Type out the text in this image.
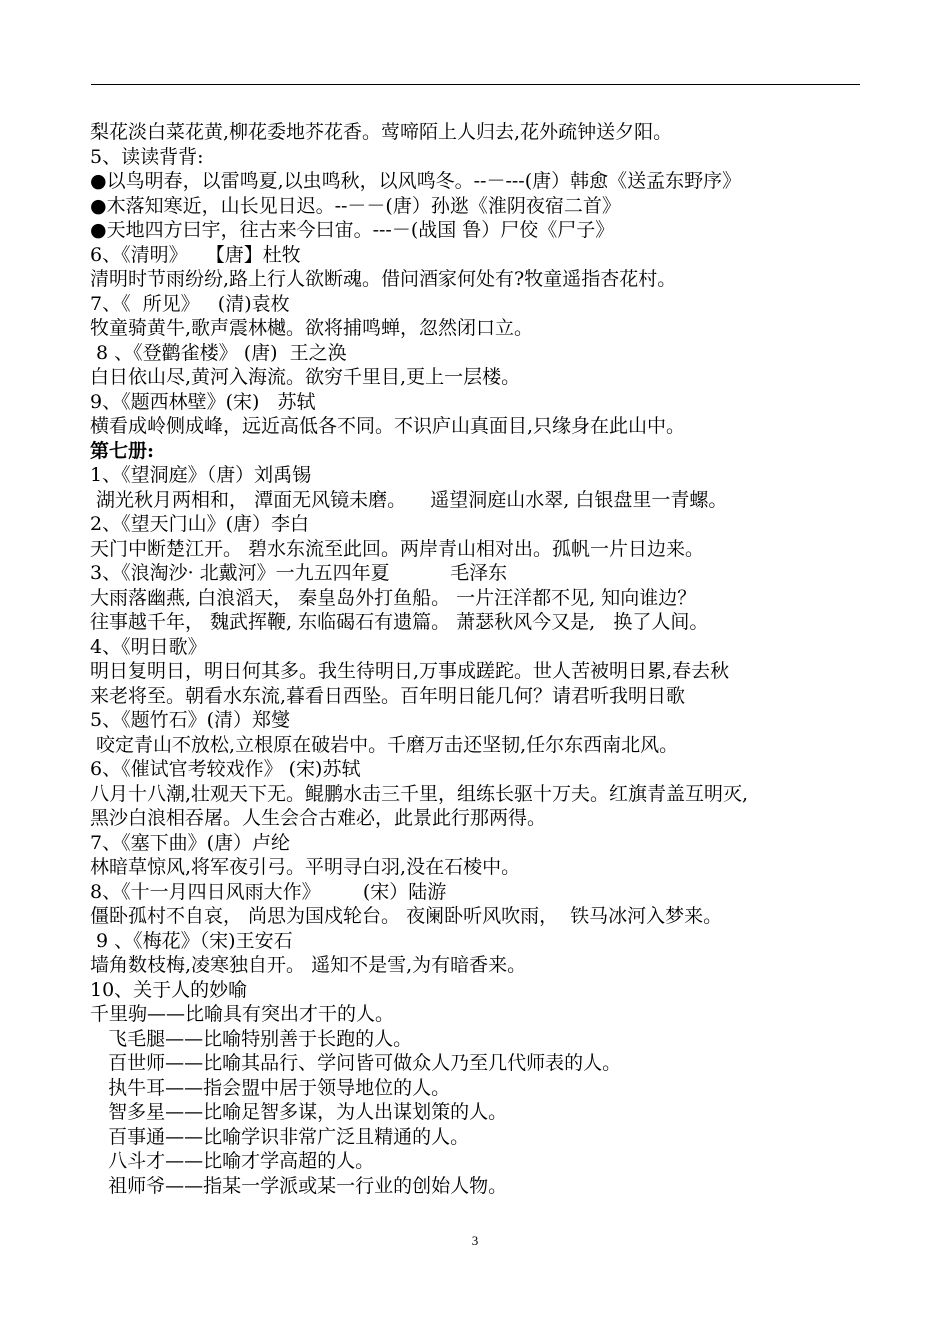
梨花淡白菜花黄,柳花委地芥花香。莺啼陌上人归去,花外疏钟送夕阳。
5、读读背背:
●以鸟明春，以雷鸣夏,以虫鸣秋，以风鸣冬。--－---(唐）韩愈《送孟东野序》
●木落知寒近，山长见日迟。--－－(唐）孙逖《淮阴夜宿二首》
●天地四方曰宇，往古来今曰宙。---－(战国 鲁）尸佼《尸子》
6、《清明》   【唐】杜牧
清明时节雨纷纷,路上行人欲断魂。借问酒家何处有?牧童遥指杏花村。
7、《  所见》   (清)袁枚
牧童骑黄牛,歌声震林樾。欲将捕鸣蝉，忽然闭口立。
8 、《登鹳雀楼》 (唐)  王之涣
白日依山尽,黄河入海流。欲穷千里目,更上一层楼。
9、《题西林壁》(宋)   苏轼
横看成岭侧成峰，远近高低各不同。不识庐山真面目,只缘身在此山中。
第七册:
1、《望洞庭》（唐）刘禹锡
湖光秋月两相和， 潭面无风镜未磨。    遥望洞庭山水翠, 白银盘里一青螺。
2、《望天门山》(唐）李白
天门中断楚江开。 碧水东流至此回。两岸青山相对出。孤帆一片日边来。
3、《浪淘沙· 北戴河》一九五四年夏          毛泽东
大雨落幽燕, 白浪滔天， 秦皇岛外打鱼船。 一片汪洋都不见, 知向谁边？
往事越千年， 魏武挥鞭, 东临碣石有遗篇。 萧瑟秋风今又是,   换了人间。
4、《明日歌》
明日复明日，明日何其多。我生待明日,万事成蹉跎。世人苦被明日累,春去秋
来老将至。朝看水东流,暮看日西坠。百年明日能几何？请君听我明日歌
5、《题竹石》(清）郑燮
咬定青山不放松,立根原在破岩中。千磨万击还坚韧,任尔东西南北风。
6、《催试官考较戏作》 (宋)苏轼
八月十八潮,壮观天下无。鲲鹏水击三千里，组练长驱十万夫。红旗青盖互明灭,
黑沙白浪相吞屠。人生会合古难必，此景此行那两得。
7、《塞下曲》(唐）卢纶
林暗草惊风,将军夜引弓。平明寻白羽,没在石棱中。
8、《十一月四日风雨大作》       (宋）陆游
僵卧孤村不自哀， 尚思为国戍轮台。 夜阑卧听风吹雨，  铁马冰河入梦来。
9 、《梅花》（宋)王安石
墙角数枝梅,凌寒独自开。 遥知不是雪,为有暗香来。
10、关于人的妙喻
千里驹——比喻具有突出才干的人。
飞毛腿——比喻特别善于长跑的人。
百世师——比喻其品行、学问皆可做众人乃至几代师表的人。
执牛耳——指会盟中居于领导地位的人。
智多星——比喻足智多谋，为人出谋划策的人。
百事通——比喻学识非常广泛且精通的人。
八斗才——比喻才学高超的人。
祖师爷——指某一学派或某一行业的创始人物。
3
